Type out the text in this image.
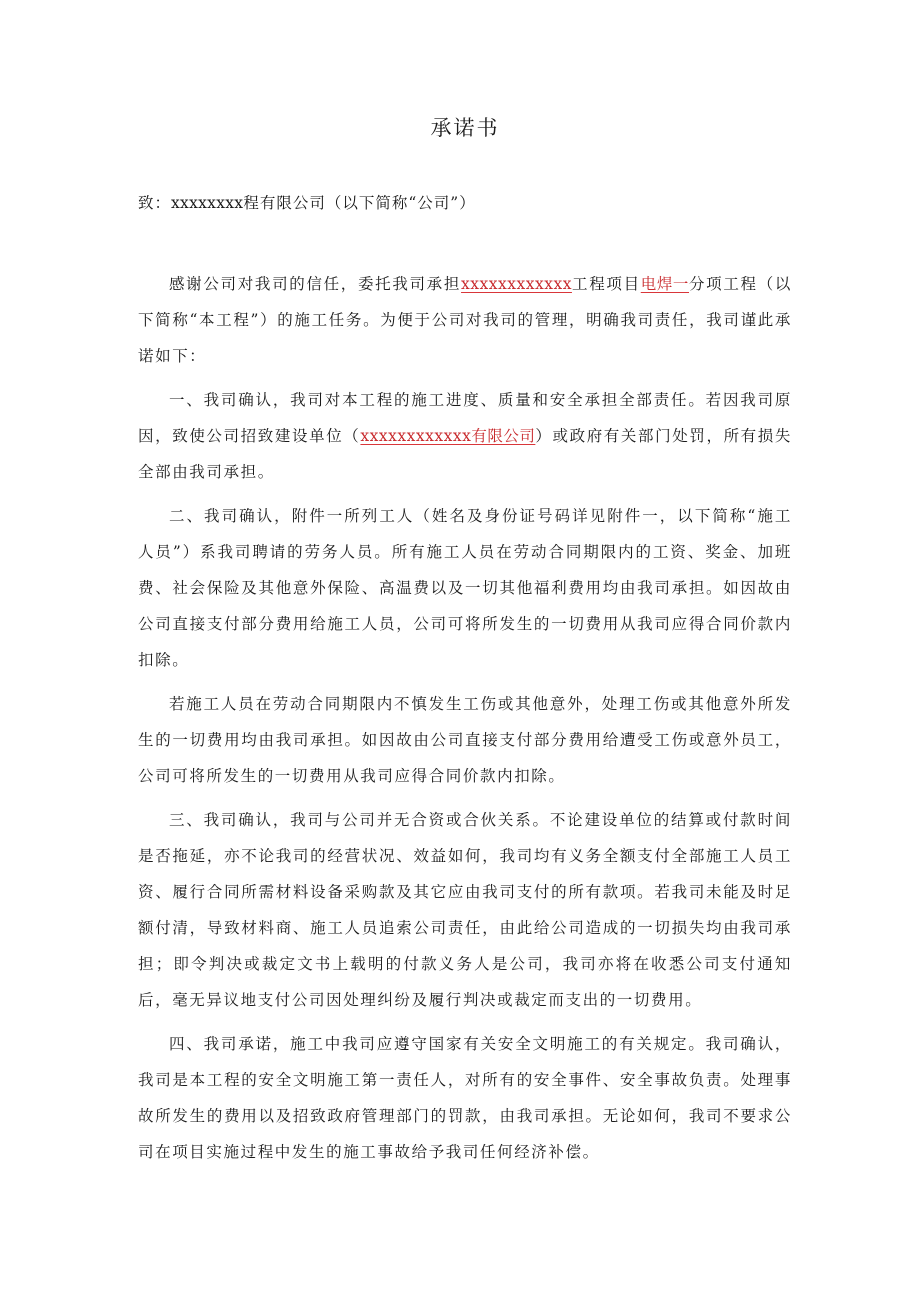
承诺书

致：xxxxxxxx程有限公司（以下简称“公司”）

感谢公司对我司的信任，委托我司承担xxxxxxxxxxxx工程项目电焊一分项工程（以下简称“本工程”）的施工任务。为便于公司对我司的管理，明确我司责任，我司谨此承诺如下：

一、我司确认，我司对本工程的施工进度、质量和安全承担全部责任。若因我司原因，致使公司招致建设单位（xxxxxxxxxxxx有限公司）或政府有关部门处罚，所有损失全部由我司承担。

二、我司确认，附件一所列工人（姓名及身份证号码详见附件一，以下简称“施工人员”）系我司聘请的劳务人员。所有施工人员在劳动合同期限内的工资、奖金、加班费、社会保险及其他意外保险、高温费以及一切其他福利费用均由我司承担。如因故由公司直接支付部分费用给施工人员，公司可将所发生的一切费用从我司应得合同价款内扣除。

若施工人员在劳动合同期限内不慎发生工伤或其他意外，处理工伤或其他意外所发生的一切费用均由我司承担。如因故由公司直接支付部分费用给遭受工伤或意外员工，公司可将所发生的一切费用从我司应得合同价款内扣除。

三、我司确认，我司与公司并无合资或合伙关系。不论建设单位的结算或付款时间是否拖延，亦不论我司的经营状况、效益如何，我司均有义务全额支付全部施工人员工资、履行合同所需材料设备采购款及其它应由我司支付的所有款项。若我司未能及时足额付清，导致材料商、施工人员追索公司责任，由此给公司造成的一切损失均由我司承担；即令判决或裁定文书上载明的付款义务人是公司，我司亦将在收悉公司支付通知后，毫无异议地支付公司因处理纠纷及履行判决或裁定而支出的一切费用。

四、我司承诺，施工中我司应遵守国家有关安全文明施工的有关规定。我司确认，我司是本工程的安全文明施工第一责任人，对所有的安全事件、安全事故负责。处理事故所发生的费用以及招致政府管理部门的罚款，由我司承担。无论如何，我司不要求公司在项目实施过程中发生的施工事故给予我司任何经济补偿。
